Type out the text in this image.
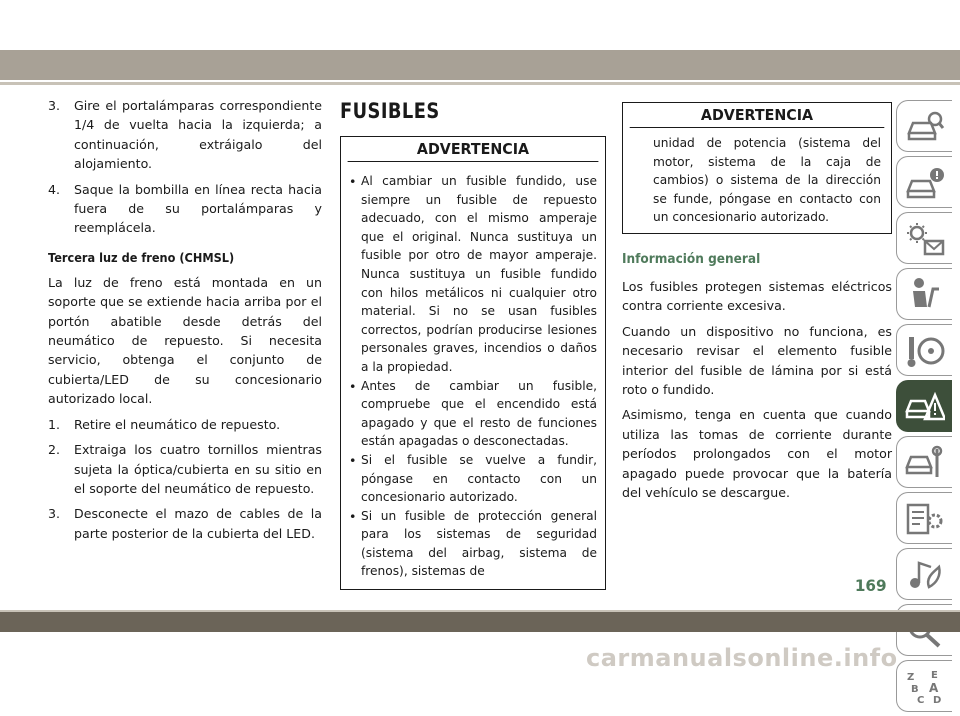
3.	Gire el portalámparas correspondiente 1/4 de vuelta hacia la izquierda; a continuación, extráigalo del alojamiento.

4.	Saque la bombilla en línea recta hacia fuera de su portalámparas y reemplácela.

Tercera luz de freno (CHMSL)

La luz de freno está montada en un soporte que se extiende hacia arriba por el portón abatible desde detrás del neumático de repuesto. Si necesita servicio, obtenga el conjunto de cubierta/LED de su concesionario autorizado local.

1.	Retire el neumático de repuesto.

2.	Extraiga los cuatro tornillos mientras sujeta la óptica/cubierta en su sitio en el soporte del neumático de repuesto.

3.	Desconecte el mazo de cables de la parte posterior de la cubierta del LED.

FUSIBLES
ADVERTENCIA
• Al cambiar un fusible fundido, use siempre un fusible de repuesto adecuado, con el mismo amperaje que el original. Nunca sustituya un fusible por otro de mayor amperaje. Nunca sustituya un fusible fundido con hilos metálicos ni cualquier otro material. Si no se usan fusibles correctos, podrían producirse lesiones personales graves, incendios o daños a la propiedad.

• Antes de cambiar un fusible, compruebe que el encendido está apagado y que el resto de funciones están apagadas o desconectadas.

• Si el fusible se vuelve a fundir, póngase en contacto con un concesionario autorizado.

• Si un fusible de protección general para los sistemas de seguridad (sistema del airbag, sistema de frenos), sistemas de

ADVERTENCIA

unidad de potencia (sistema del motor, sistema de la caja de cambios) o sistema de la dirección se funde, póngase en contacto con un concesionario autorizado.

Información general

Los fusibles protegen sistemas eléctricos contra corriente excesiva.

Cuando un dispositivo no funciona, es necesario revisar el elemento fusible interior del fusible de lámina por si está roto o fundido.

Asimismo, tenga en cuenta que cuando utiliza las tomas de corriente durante períodos prolongados con el motor apagado puede provocar que la batería del vehículo se descargue.

Z E
B A
C D
169
carmanualsonline.info
